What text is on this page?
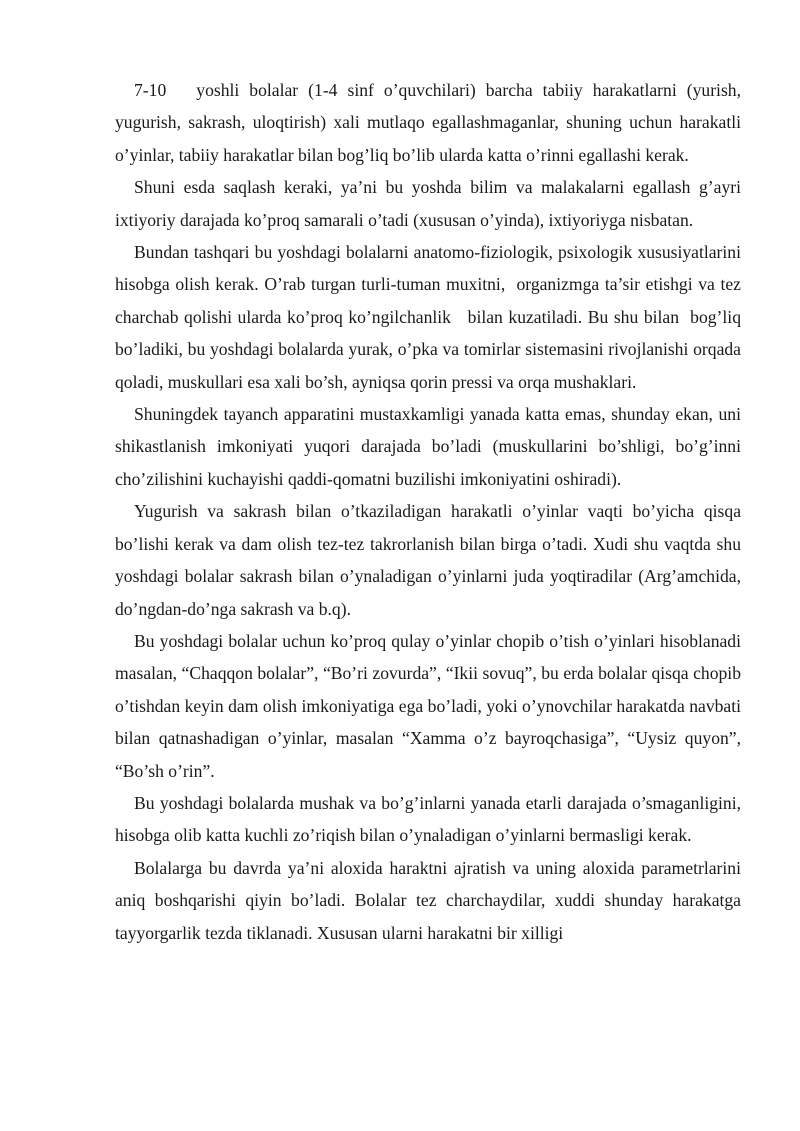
7-10   yoshli bolalar (1-4 sinf o’quvchilari) barcha tabiiy harakatlarni (yurish, yugurish, sakrash, uloqtirish) xali mutlaqo egallashmaganlar, shuning uchun harakatli o’yinlar, tabiiy harakatlar bilan bog’liq bo’lib ularda katta o’rinni egallashi kerak.

Shuni esda saqlash keraki, ya’ni bu yoshda bilim va malakalarni egallash g’ayri ixtiyoriy darajada ko’proq samarali o’tadi (xususan o’yinda), ixtiyoriyga nisbatan.

Bundan tashqari bu yoshdagi bolalarni anatomo-fiziologik, psixologik xususiyatlarini hisobga olish kerak. O’rab turgan turli-tuman muxitni,  organizmga ta’sir etishgi va tez charchab qolishi ularda ko’proq ko’ngilchanlik   bilan kuzatiladi. Bu shu bilan  bog’liq bo’ladiki, bu yoshdagi bolalarda yurak, o’pka va tomirlar sistemasini rivojlanishi orqada qoladi, muskullari esa xali bo’sh, ayniqsa qorin pressi va orqa mushaklari.

Shuningdek tayanch apparatini mustaxkamligi yanada katta emas, shunday ekan, uni shikastlanish imkoniyati yuqori darajada bo’ladi (muskullarini bo’shligi, bo’g’inni cho’zilishini kuchayishi qaddi-qomatni buzilishi imkoniyatini oshiradi).

Yugurish va sakrash bilan o’tkaziladigan harakatli o’yinlar vaqti bo’yicha qisqa bo’lishi kerak va dam olish tez-tez takrorlanish bilan birga o’tadi. Xudi shu vaqtda shu yoshdagi bolalar sakrash bilan o’ynaladigan o’yinlarni juda yoqtiradilar (Arg’amchida, do’ngdan-do’nga sakrash va b.q).

Bu yoshdagi bolalar uchun ko’proq qulay o’yinlar chopib o’tish o’yinlari hisoblanadi masalan, “Chaqqon bolalar”, “Bo’ri zovurda”, “Ikii sovuq”, bu erda bolalar qisqa chopib o’tishdan keyin dam olish imkoniyatiga ega bo’ladi, yoki o’ynovchilar harakatda navbati bilan qatnashadigan o’yinlar, masalan “Xamma o’z bayroqchasiga”, “Uysiz quyon”, “Bo’sh o’rin”.

Bu yoshdagi bolalarda mushak va bo’g’inlarni yanada etarli darajada o’smaganligini, hisobga olib katta kuchli zo’riqish bilan o’ynaladigan o’yinlarni bermasligi kerak.

Bolalarga bu davrda ya’ni aloxida haraktni ajratish va uning aloxida parametrlarini aniq boshqarishi qiyin bo’ladi. Bolalar tez charchaydilar, xuddi shunday harakatga tayyorgarlik tezda tiklanadi. Xususan ularni harakatni bir xilligi
